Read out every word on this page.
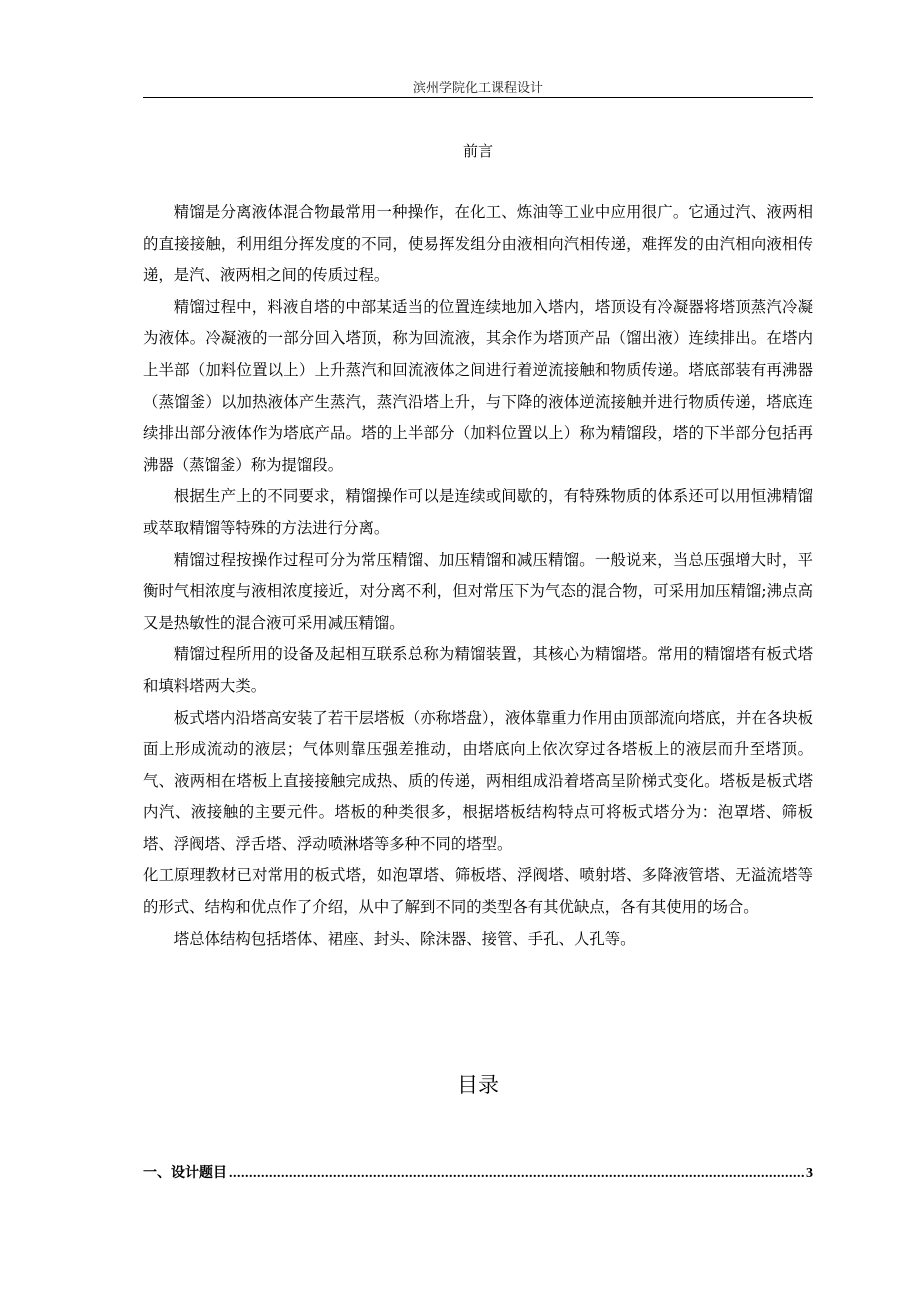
滨州学院化工课程设计
前言

精馏是分离液体混合物最常用一种操作，在化工、炼油等工业中应用很广。它通过汽、液两相的直接接触，利用组分挥发度的不同，使易挥发组分由液相向汽相传递，难挥发的由汽相向液相传递，是汽、液两相之间的传质过程。

精馏过程中，料液自塔的中部某适当的位置连续地加入塔内，塔顶设有冷凝器将塔顶蒸汽冷凝为液体。冷凝液的一部分回入塔顶，称为回流液，其余作为塔顶产品（馏出液）连续排出。在塔内上半部（加料位置以上）上升蒸汽和回流液体之间进行着逆流接触和物质传递。塔底部装有再沸器（蒸馏釜）以加热液体产生蒸汽，蒸汽沿塔上升，与下降的液体逆流接触并进行物质传递，塔底连续排出部分液体作为塔底产品。塔的上半部分（加料位置以上）称为精馏段，塔的下半部分包括再沸器（蒸馏釜）称为提馏段。

根据生产上的不同要求，精馏操作可以是连续或间歇的，有特殊物质的体系还可以用恒沸精馏或萃取精馏等特殊的方法进行分离。

精馏过程按操作过程可分为常压精馏、加压精馏和减压精馏。一般说来，当总压强增大时，平衡时气相浓度与液相浓度接近，对分离不利，但对常压下为气态的混合物，可采用加压精馏;沸点高又是热敏性的混合液可采用减压精馏。

精馏过程所用的设备及起相互联系总称为精馏装置，其核心为精馏塔。常用的精馏塔有板式塔和填料塔两大类。

板式塔内沿塔高安装了若干层塔板（亦称塔盘），液体靠重力作用由顶部流向塔底，并在各块板面上形成流动的液层；气体则靠压强差推动，由塔底向上依次穿过各塔板上的液层而升至塔顶。气、液两相在塔板上直接接触完成热、质的传递，两相组成沿着塔高呈阶梯式变化。塔板是板式塔内汽、液接触的主要元件。塔板的种类很多，根据塔板结构特点可将板式塔分为：泡罩塔、筛板塔、浮阀塔、浮舌塔、浮动喷淋塔等多种不同的塔型。

化工原理教材已对常用的板式塔，如泡罩塔、筛板塔、浮阀塔、喷射塔、多降液管塔、无溢流塔等的形式、结构和优点作了介绍，从中了解到不同的类型各有其优缺点，各有其使用的场合。

塔总体结构包括塔体、裙座、封头、除沫器、接管、手孔、人孔等。

目录
一、设计题目
.....	3
